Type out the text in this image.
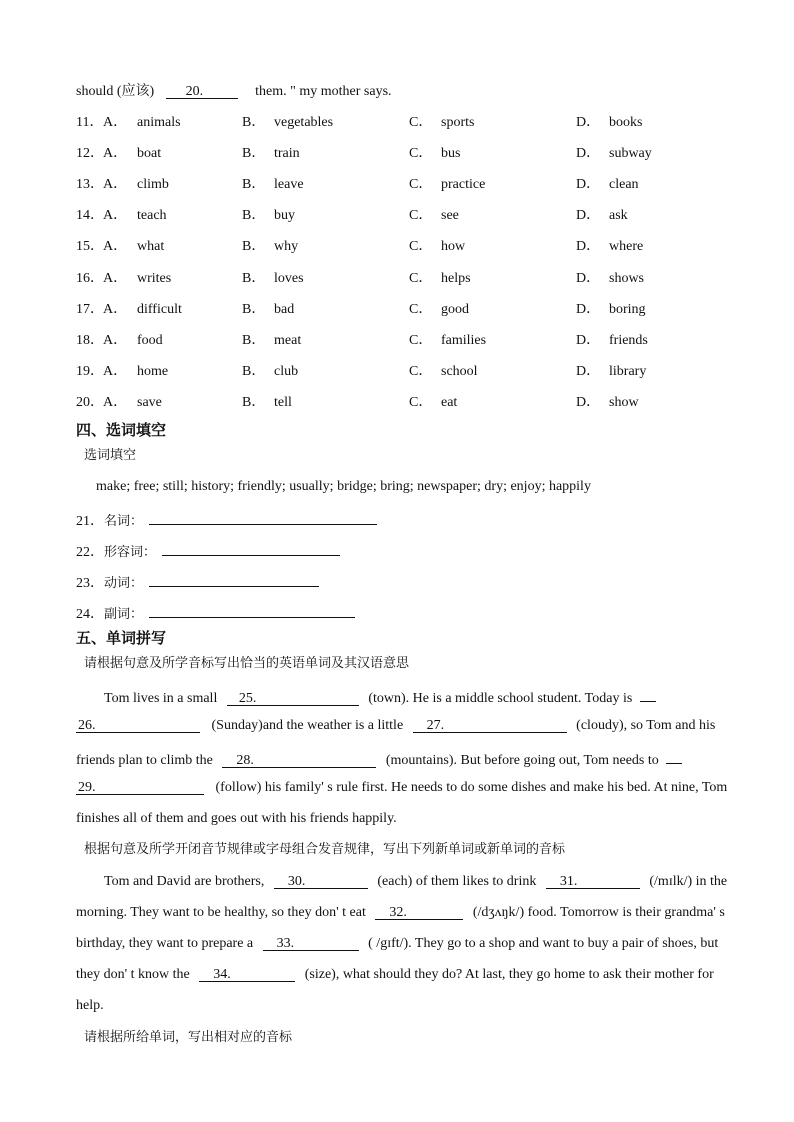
should (应该) 20.	them. " my mother says.
11． A． animals	B． vegetables	C． sports	D． books
12． A． boat	B． train	C． bus	D． subway
13． A． climb	B． leave	C． practice	D． clean
14． A． teach	B． buy	C． see	D． ask
15． A． what	B． why	C． how	D． where
16． A． writes	B． loves	C． helps	D． shows
17． A． difficult	B． bad	C． good	D． boring
18． A． food	B． meat	C． families	D． friends
19． A． home	B． club	C． school	D． library
20． A． save	B． tell	C． eat	D． show
四、选词填空
选词填空
make; free; still; history; friendly; usually; bridge; bring; newspaper; dry; enjoy; happily
21．名词：
22．形容词：
23．动词：
24．副词：
五、单词拼写
请根据句意及所学音标写出恰当的英语单词及其汉语意思
Tom lives in a small 25.	(town). He is a middle school student. Today is
26.	(Sunday)and the weather is a little 27.	(cloudy), so Tom and his
friends plan to climb the 28.	(mountains). But before going out, Tom needs to
29.	(follow) his family' s rule first. He needs to do some dishes and make his bed. At nine, Tom
finishes all of them and goes out with his friends happily.
根据句意及所学开闭音节规律或字母组合发音规律，写出下列新单词或新单词的音标
Tom and David are brothers, 30.	(each) of them likes to drink 31.	(/mɪlk/) in the
morning. They want to be healthy, so they don' t eat 32.	(/dʒʌŋk/) food. Tomorrow is their grandma' s
birthday, they want to prepare a 33.	( /gɪft/). They go to a shop and want to buy a pair of shoes, but
they don' t know the 34.	(size), what should they do? At last, they go home to ask their mother for
help.
请根据所给单词，写出相对应的音标
